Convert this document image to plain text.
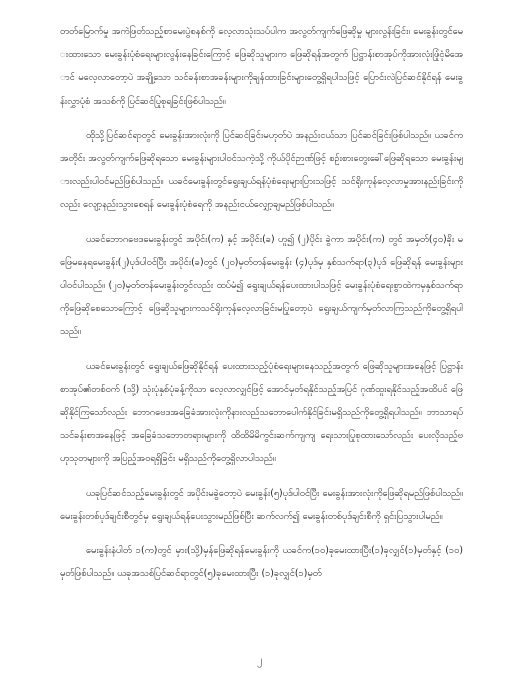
တတ်မြောက်မှု အကဲဖြတ်သည့်စာမေးပွဲစနစ်ကို လေ့လာသုံးသပ်ပါက အလွတ်ကျက်ဖြေဆိုမှု များလွန်းခြင်း၊ မေးခွန်းတွင်မေးထားသော မေးခွန်းပုံစံရေးများလွန်းနေခြင်းကြောင့် ဖြေဆိုသူများက ဖြေဆိုရန်အတွက် ပြဋ္ဌာန်းစာအုပ်ကိုအားလုံးဖြုံငုံမိအောင် မလေ့လာတော့ပဲ အချို့သော သင်ခန်းစာအခန်းများကိုချန်ထားခြင်းများတွေ့ရှိရပါသဖြင့် ပြောင်းလဲပြင်ဆင်နိုင်ရန် မေးခွန်းလွှာပုံစံ အသစ်ကို ပြင်ဆင်ပြုစုရခြင်းဖြစ်ပါသည်။

ထိုသို့ပြင်ဆင်ရာတွင် မေးခွန်းအားလုံးကို ပြင်ဆင်ခြင်းမဟုတ်ပဲ အနည်းငယ်သာ ပြင်ဆင်ခြင်းဖြစ်ပါသည်။ ယခင်ကအတိုင်း အလွတ်ကျက်ဖြေဆိုရသော မေးခွန်းများပါဝင်သကဲ့သို့ ကိုယ်ပိုင်ဉာဏ်ဖြင့် စဉ်းစားတွေးခေါ်ဖြေဆိုရသော မေးခွန်းများလည်းပါဝင်မည်ဖြစ်ပါသည်။ ယခင်မေးခွန်းတွင်ရွေးချယ်ရန်ပုံစံရေးများပြားသဖြင့် သင်ရိုးကုန်လေ့လာမှုအားနည်းခြင်းကိုလည်း လျော့နည်းသွားစေရန် မေးခွန်းပုံစံရေကို အနည်းငယ်လျှော့ချမည်ဖြစ်ပါသည်။

ယခင်ဘောဂဗေဒမေးခွန်းတွင် အပိုင်း(က) နှင့် အပိုင်း(ခ) ဟူ၍ (၂)ပိုင်း ခွဲကာ အပိုင်း(က) တွင် အမှတ်(၄၀)ခိုး မဖြေမနေရမေးခွန်း(၂)ပုဒ်ပါဝင်ပြီး အပိုင်း(ခ)တွင် (၂၀)မှတ်တန်မေးခွန်း (၄)ပုဒ်မှ နှစ်သက်ရာ(၃)ပုဒ် ဖြေဆိုရန် မေးခွန်းများပါဝင်ပါသည်။ (၂၀)မှတ်တန်မေးခွန်းတွင်လည်း ထပ်မံ၍ ရွေးချယ်ရန်ပေးထားပါသဖြင့် မေးခွန်းပုံစံရေးစွာထဲကမှနှစ်သက်ရာကိုဖြေဆိုစေသောကြောင့် ဖြေဆိုသူများကသင်ရိုးကုန်လေ့လာခြင်းမပြုတော့ပဲ ရွေးချယ်ကျက်မှတ်လာကြသည်ကိုတွေ့ရှိရပါသည်။

ယခင်မေးခွန်းတွင် ရွေးချယ်ဖြေဆိုနိုင်ရန် ပေးထားသည့်ပုံစံရေးများနေသည့်အတွက် ဖြေဆိုသူများအနေဖြင့် ပြဋ္ဌာန်းစာအုပ်၏တစ်ဝက် (သို့) သုံးပုံနှစ်ပုံခန့်ကိုသာ လေ့လာလျှင်ဖြင့် အောင်မှတ်ရနိုင်သည့်အပြင် ဂုဏ်ထူးရနိုင်သည့်အထိပင် ဖြေဆိုနိုင်ကြသော်လည်း ဘောဂဗေဒအခြေခံအားလုံးကိုနားလည်သဘောပေါက်နိုင်ခြင်းမရှိသည်ကိုတွေ့ရှိရပါသည်။ ဘာသာရပ်သင်ခန်းစာအနေဖြင့် အခြေခံသဘောတရားများကို ထိထိမိမိကွင်းဆက်ကျကျ ရေးသားပြုစုထားသော်လည်း ပေးလိုသည့်ဗဟုသုတများကို အပြည့်အဝရရှိခြင်း မရှိသည်ကိုတွေ့ရှိလာပါသည်။

ယခုပြင်ဆင်သည့်မေးခွန်းတွင် အပိုင်းမခွဲတော့ပဲ မေးခွန်း(၅)ပုဒ်ပါဝင်ပြီး မေးခွန်းအားလုံးကိုဖြေဆိုရမည်ဖြစ်ပါသည်။ မေးခွန်းတစ်ပုဒ်ချင်းစီတွင်မှ ရွေးချယ်ရန်ပေးသွားမည်ဖြစ်ပြီး ဆက်လက်၍ မေးခွန်းတစ်ပုဒ်ချင်းစီကို ရှင်းပြသွားပါမည်။

မေးခွန်းနံပါတ် ၁(က)တွင် မှား(သို့)မှန်ဖြေဆိုရန်မေးခွန်းကို ယခင်က(၁၀)ခုမေးထားပြီး(၁)ခုလျှင်(၁)မှတ်နှင့် (၁၀)မှတ်ဖြစ်ပါသည်။ ယခုအသစ်ပြင်ဆင်ရာတွင်(၅)ခုမေးထားပြီး (၁)ခုလျှင်(၁)မှတ်

၂
